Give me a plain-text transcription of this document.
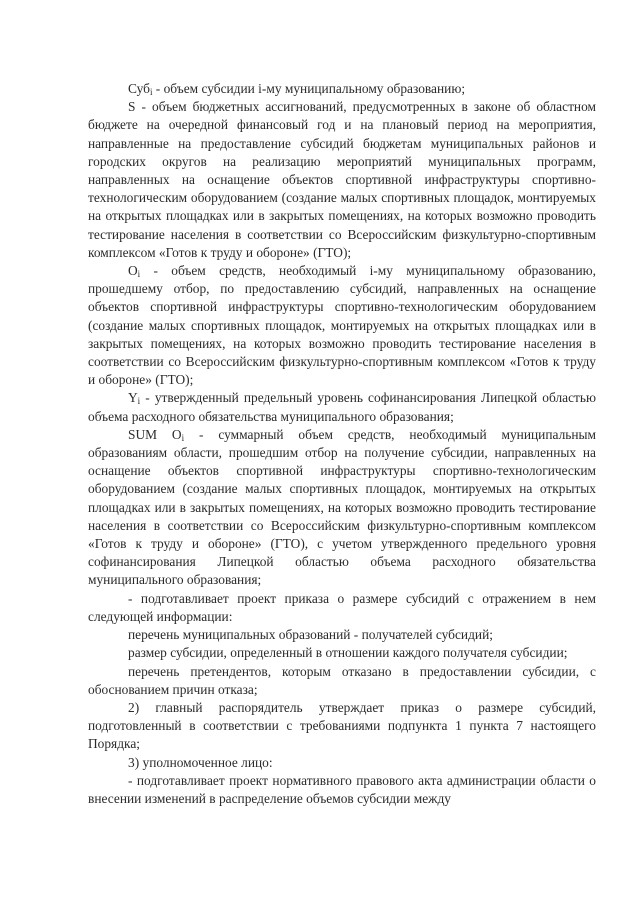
Суб$_i$ - объем субсидии i-му муниципальному образованию;

S - объем бюджетных ассигнований, предусмотренных в законе об областном бюджете на очередной финансовый год и на плановый период на мероприятия, направленные на предоставление субсидий бюджетам муниципальных районов и городских округов на реализацию мероприятий муниципальных программ, направленных на оснащение объектов спортивной инфраструктуры спортивно-технологическим оборудованием (создание малых спортивных площадок, монтируемых на открытых площадках или в закрытых помещениях, на которых возможно проводить тестирование населения в соответствии со Всероссийским физкультурно-спортивным комплексом «Готов к труду и обороне» (ГТО);

$O_i$ - объем средств, необходимый i-му муниципальному образованию, прошедшему отбор, по предоставлению субсидий, направленных на оснащение объектов спортивной инфраструктуры спортивно-технологическим оборудованием (создание малых спортивных площадок, монтируемых на открытых площадках или в закрытых помещениях, на которых возможно проводить тестирование населения в соответствии со Всероссийским физкультурно-спортивным комплексом «Готов к труду и обороне» (ГТО);

$Y_i$ - утвержденный предельный уровень софинансирования Липецкой областью объема расходного обязательства муниципального образования;

SUM $O_i$ - суммарный объем средств, необходимый муниципальным образованиям области, прошедшим отбор на получение субсидии, направленных на оснащение объектов спортивной инфраструктуры спортивно-технологическим оборудованием (создание малых спортивных площадок, монтируемых на открытых площадках или в закрытых помещениях, на которых возможно проводить тестирование населения в соответствии со Всероссийским физкультурно-спортивным комплексом «Готов к труду и обороне» (ГТО), с учетом утвержденного предельного уровня софинансирования Липецкой областью объема расходного обязательства муниципального образования;

- подготавливает проект приказа о размере субсидий с отражением в нем следующей информации:

перечень муниципальных образований - получателей субсидий;

размер субсидии, определенный в отношении каждого получателя субсидии;

перечень претендентов, которым отказано в предоставлении субсидии, с обоснованием причин отказа;

2) главный распорядитель утверждает приказ о размере субсидий, подготовленный в соответствии с требованиями подпункта 1 пункта 7 настоящего Порядка;

3) уполномоченное лицо:

- подготавливает проект нормативного правового акта администрации области о внесении изменений в распределение объемов субсидии между
